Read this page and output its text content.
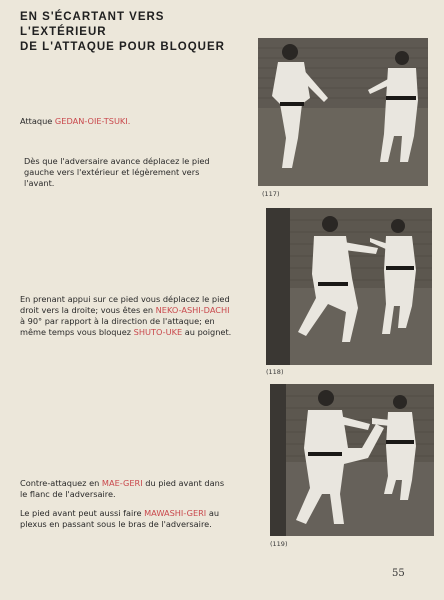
EN S'ÉCARTANT VERS L'EXTÉRIEUR
DE L'ATTAQUE POUR BLOQUER
Attaque GEDAN-OIE-TSUKI.
Dès que l'adversaire avance déplacez le pied gauche vers l'extérieur et légèrement vers l'avant.
En prenant appui sur ce pied vous déplacez le pied droit vers la droite; vous êtes en NEKO-ASHI-DACHI à 90° par rapport à la direction de l'attaque; en même temps vous bloquez SHUTO-UKE au poignet.
Contre-attaquez en MAE-GERI du pied avant dans le flanc de l'adversaire.
Le pied avant peut aussi faire MAWASHI-GERI au plexus en passant sous le bras de l'adversaire.
(117)
(118)
(119)
55
